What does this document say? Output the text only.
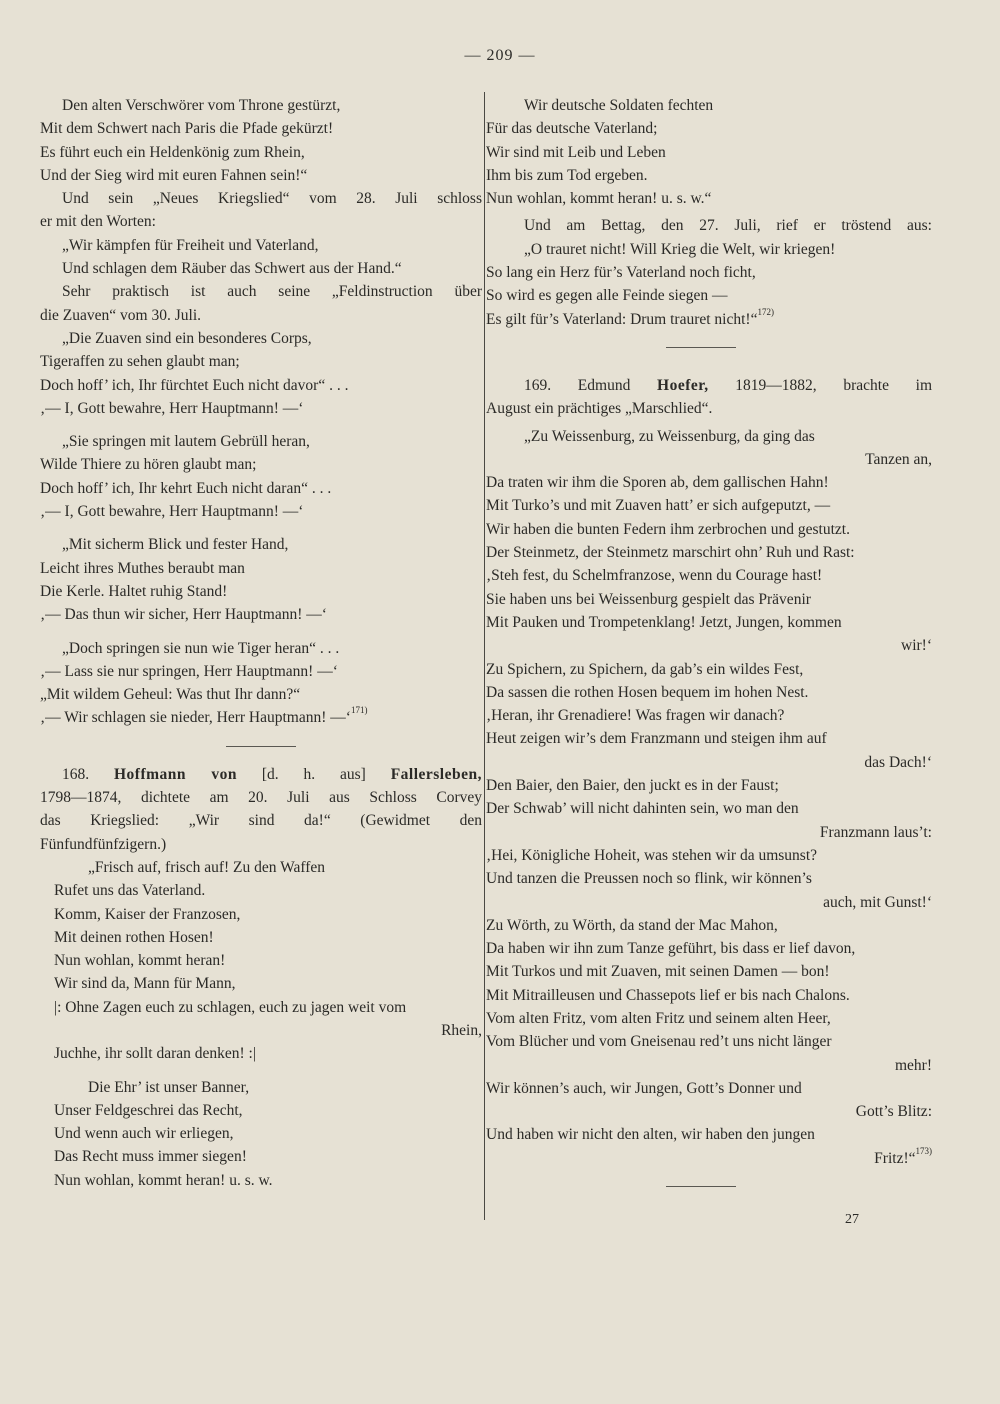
— 209 —
Den alten Verschwörer vom Throne gestürzt,
Mit dem Schwert nach Paris die Pfade gekürzt!
Es führt euch ein Heldenkönig zum Rhein,
Und der Sieg wird mit euren Fahnen sein!“
Und sein „Neues Kriegslied“ vom 28. Juli schloss
er mit den Worten:
„Wir kämpfen für Freiheit und Vaterland,
Und schlagen dem Räuber das Schwert aus der Hand.“
Sehr praktisch ist auch seine „Feldinstruction über
die Zuaven“ vom 30. Juli.
„Die Zuaven sind ein besonderes Corps,
Tigeraffen zu sehen glaubt man;
Doch hoff’ ich, Ihr fürchtet Euch nicht davor“ . . .
‚— I, Gott bewahre, Herr Hauptmann! —‘
„Sie springen mit lautem Gebrüll heran,
Wilde Thiere zu hören glaubt man;
Doch hoff’ ich, Ihr kehrt Euch nicht daran“ . . .
‚— I, Gott bewahre, Herr Hauptmann! —‘
„Mit sicherm Blick und fester Hand,
Leicht ihres Muthes beraubt man
Die Kerle. Haltet ruhig Stand!
‚— Das thun wir sicher, Herr Hauptmann! —‘
„Doch springen sie nun wie Tiger heran“ . . .
‚— Lass sie nur springen, Herr Hauptmann! —‘
„Mit wildem Geheul: Was thut Ihr dann?“
‚— Wir schlagen sie nieder, Herr Hauptmann! —‘$^{171)}$
168. Hoffmann von [d. h. aus] Fallersleben,
1798—1874, dichtete am 20. Juli aus Schloss Corvey
das Kriegslied: „Wir sind da!“ (Gewidmet den
Fünfundfünfzigern.)
„Frisch auf, frisch auf! Zu den Waffen
Rufet uns das Vaterland.
Komm, Kaiser der Franzosen,
Mit deinen rothen Hosen!
Nun wohlan, kommt heran!
Wir sind da, Mann für Mann,
|: Ohne Zagen euch zu schlagen, euch zu jagen weit vom
Rhein,
Juchhe, ihr sollt daran denken! :|
Die Ehr’ ist unser Banner,
Unser Feldgeschrei das Recht,
Und wenn auch wir erliegen,
Das Recht muss immer siegen!
Nun wohlan, kommt heran! u. s. w.
Wir deutsche Soldaten fechten
Für das deutsche Vaterland;
Wir sind mit Leib und Leben
Ihm bis zum Tod ergeben.
Nun wohlan, kommt heran! u. s. w.“
Und am Bettag, den 27. Juli, rief er tröstend aus:
„O trauret nicht! Will Krieg die Welt, wir kriegen!
So lang ein Herz für’s Vaterland noch ficht,
So wird es gegen alle Feinde siegen —
Es gilt für’s Vaterland: Drum trauret nicht!“$^{172)}$
169. Edmund Hoefer, 1819—1882, brachte im
August ein prächtiges „Marschlied“.
„Zu Weissenburg, zu Weissenburg, da ging das
Tanzen an,
Da traten wir ihm die Sporen ab, dem gallischen Hahn!
Mit Turko’s und mit Zuaven hatt’ er sich aufgeputzt, —
Wir haben die bunten Federn ihm zerbrochen und gestutzt.
Der Steinmetz, der Steinmetz marschirt ohn’ Ruh und Rast:
‚Steh fest, du Schelmfranzose, wenn du Courage hast!
Sie haben uns bei Weissenburg gespielt das Prävenir
Mit Pauken und Trompetenklang! Jetzt, Jungen, kommen
wir!‘
Zu Spichern, zu Spichern, da gab’s ein wildes Fest,
Da sassen die rothen Hosen bequem im hohen Nest.
‚Heran, ihr Grenadiere! Was fragen wir danach?
Heut zeigen wir’s dem Franzmann und steigen ihm auf
das Dach!‘
Den Baier, den Baier, den juckt es in der Faust;
Der Schwab’ will nicht dahinten sein, wo man den
Franzmann laus’t:
‚Hei, Königliche Hoheit, was stehen wir da umsunst?
Und tanzen die Preussen noch so flink, wir können’s
auch, mit Gunst!‘
Zu Wörth, zu Wörth, da stand der Mac Mahon,
Da haben wir ihn zum Tanze geführt, bis dass er lief davon,
Mit Turkos und mit Zuaven, mit seinen Damen — bon!
Mit Mitrailleusen und Chassepots lief er bis nach Chalons.
Vom alten Fritz, vom alten Fritz und seinem alten Heer,
Vom Blücher und vom Gneisenau red’t uns nicht länger
mehr!
Wir können’s auch, wir Jungen, Gott’s Donner und
Gott’s Blitz:
Und haben wir nicht den alten, wir haben den jungen
Fritz!“$^{173)}$
27
